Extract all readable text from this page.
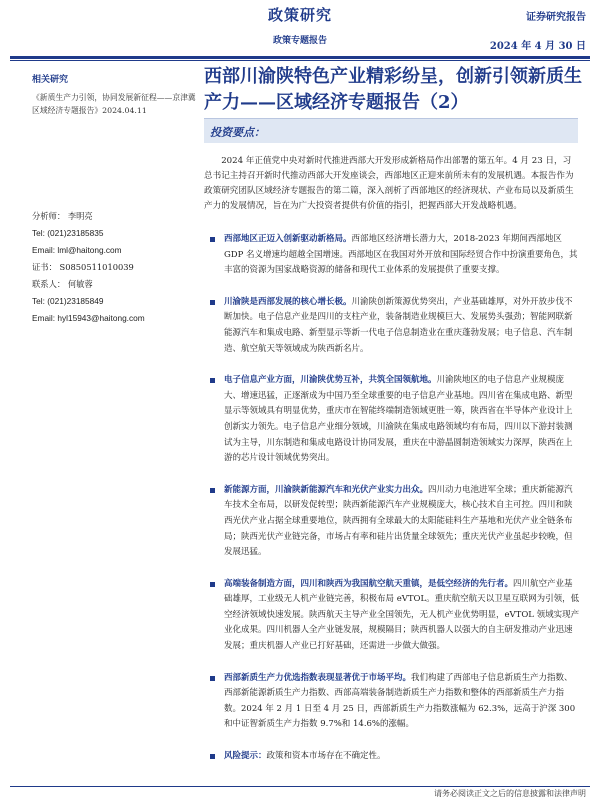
政策研究
政策专题报告
证券研究报告
2024 年 4 月 30 日
相关研究
《新质生产力引领，协同发展新征程——京津冀区域经济专题报告》2024.04.11
分析师： 李明亮
Tel: (021)23185835
Email: lml@haitong.com
证书： S0850511010039
联系人： 何敏蓉
Tel: (021)23185849
Email: hyl15943@haitong.com
西部川渝陕特色产业精彩纷呈，创新引领新质生产力——区域经济专题报告（2）
投资要点：
2024 年正值党中央对新时代推进西部大开发形成新格局作出部署的第五年。4 月 23 日，习总书记主持召开新时代推动西部大开发座谈会，西部地区正迎来前所未有的发展机遇。本报告作为政策研究团队区域经济专题报告的第二篇，深入剖析了西部地区的经济现状、产业布局以及新质生产力的发展情况，旨在为广大投资者提供有价值的指引，把握西部大开发战略机遇。
西部地区正迈入创新驱动新格局。西部地区经济增长潜力大，2018-2023 年期间西部地区 GDP 名义增速均超越全国增速。西部地区在我国对外开放和国际经贸合作中扮演重要角色，其丰富的资源为国家战略资源的储备和现代工业体系的发展提供了重要支撑。
川渝陕是西部发展的核心增长极。川渝陕创新策源优势突出，产业基础雄厚，对外开放步伐不断加快。电子信息产业是四川的支柱产业，装备制造业规模巨大、发展势头强劲；智能网联新能源汽车和集成电路、新型显示等新一代电子信息制造业在重庆蓬勃发展；电子信息、汽车制造、航空航天等领域成为陕西新名片。
电子信息产业方面，川渝陕优势互补，共筑全国领航地。川渝陕地区的电子信息产业规模庞大、增速迅猛，正逐渐成为中国乃至全球重要的电子信息产业基地。四川省在集成电路、新型显示等领域具有明显优势，重庆市在智能终端制造领域更胜一筹，陕西省在半导体产业设计上创新实力领先。电子信息产业细分领域，川渝陕在集成电路领域均有布局，四川以下游封装测试为主导，川东制造和集成电路设计协同发展，重庆在中游晶圆制造领域实力深厚，陕西在上游的芯片设计领域优势突出。
新能源方面，川渝陕新能源汽车和光伏产业实力出众。四川动力电池进军全球；重庆新能源汽车技术全布局，以研发促转型；陕西新能源汽车产业规模庞大，核心技术自主可控。四川和陕西光伏产业占据全球重要地位，陕西拥有全球最大的太阳能硅料生产基地和光伏产业全链条布局；陕西光伏产业链完备，市场占有率和硅片出货量全球领先；重庆光伏产业虽起步较晚，但发展迅猛。
高端装备制造方面，四川和陕西为我国航空航天重镇，是低空经济的先行者。四川航空产业基础雄厚，工业级无人机产业链完善，积极布局 eVTOL。重庆航空航天以卫星互联网为引领，低空经济领域快速发展。陕西航天主导产业全国领先，无人机产业优势明显，eVTOL 领域实现产业化成果。四川机器人全产业链发展，规模隔目；陕西机器人以强大的自主研发推动产业迅速发展；重庆机器人产业已打好基础，还需进一步做大做强。
西部新质生产力优选指数表现显著优于市场平均。我们构建了西部电子信息新质生产力指数、西部新能源新质生产力指数、西部高端装备制造新质生产力指数和整体的西部新质生产力指数。2024 年 2 月 1 日至 4 月 25 日，西部新质生产力指数涨幅为 62.3%，远高于沪深 300 和中证智新质生产力指数 9.7%和 14.6%的涨幅。
风险提示：政策和资本市场存在不确定性。
请务必阅读正文之后的信息披露和法律声明
